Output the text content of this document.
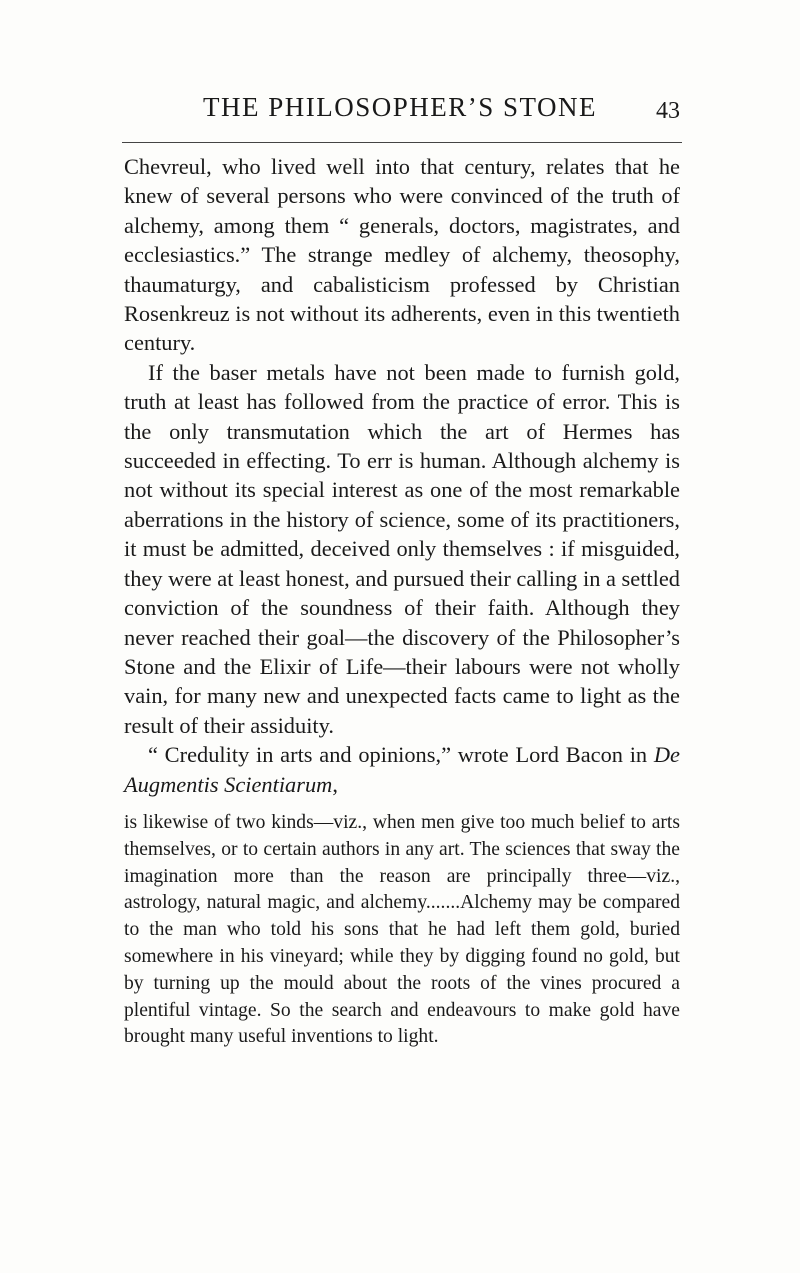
THE PHILOSOPHER’S STONE	43

Chevreul, who lived well into that century, relates that he knew of several persons who were convinced of the truth of alchemy, among them “ generals, doctors, magistrates, and ecclesiastics.” The strange medley of alchemy, theosophy, thaumaturgy, and cabalisticism professed by Christian Rosenkreuz is not without its adherents, even in this twentieth century.

If the baser metals have not been made to furnish gold, truth at least has followed from the practice of error. This is the only transmutation which the art of Hermes has succeeded in effecting. To err is human. Although alchemy is not without its special interest as one of the most remarkable aberrations in the history of science, some of its practitioners, it must be admitted, deceived only themselves : if misguided, they were at least honest, and pursued their calling in a settled conviction of the soundness of their faith. Although they never reached their goal—the discovery of the Philosopher’s Stone and the Elixir of Life—their labours were not wholly vain, for many new and unexpected facts came to light as the result of their assiduity.

“ Credulity in arts and opinions,” wrote Lord Bacon in De Augmentis Scientiarum,

is likewise of two kinds—viz., when men give too much belief to arts themselves, or to certain authors in any art. The sciences that sway the imagination more than the reason are principally three—viz., astrology, natural magic, and alchemy.......Alchemy may be compared to the man who told his sons that he had left them gold, buried somewhere in his vineyard; while they by digging found no gold, but by turning up the mould about the roots of the vines procured a plentiful vintage. So the search and endeavours to make gold have brought many useful inventions to light.
